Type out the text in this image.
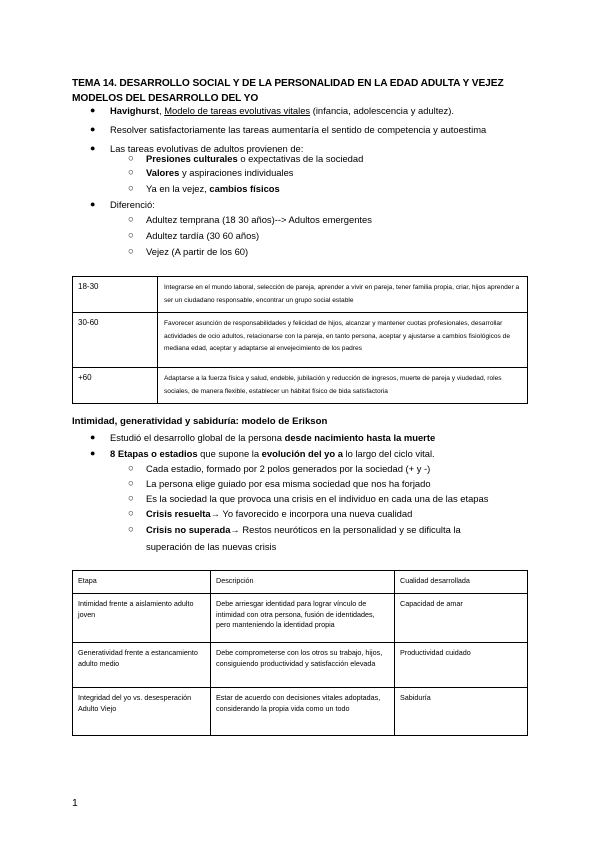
TEMA 14. DESARROLLO SOCIAL Y DE LA PERSONALIDAD EN LA EDAD ADULTA Y VEJEZ
MODELOS DEL DESARROLLO DEL YO
● Havighurst, Modelo de tareas evolutivas vitales (infancia, adolescencia y adultez).
● Resolver satisfactoriamente las tareas aumentaría el sentido de competencia y autoestima
● Las tareas evolutivas de adultos provienen de:
○ Presiones culturales o expectativas de la sociedad
○ Valores y aspiraciones individuales
○ Ya en la vejez, cambios físicos
● Diferenció:
○ Adultez temprana (18 30 años)--> Adultos emergentes
○ Adultez tardía (30 60 años)
○ Vejez (A partir de los 60)
18-30	Integrarse en el mundo laboral, selección de pareja, aprender a vivir en pareja, tener familia propia, criar, hijos aprender a ser un ciudadano responsable, encontrar un grupo social estable
30-60	Favorecer asunción de responsabilidades y felicidad de hijos, alcanzar y mantener cuotas profesionales, desarrollar actividades de ocio adultos, relacionarse con la pareja, en tanto persona, aceptar y ajustarse a cambios fisiológicos de mediana edad, aceptar y adaptarse al envejecimiento de los padres
+60	Adaptarse a la fuerza física y salud, endeble, jubilación y reducción de ingresos, muerte de pareja y viudedad, roles sociales, de manera flexible, establecer un hábitat físico de bida satisfactoria
Intimidad, generatividad y sabiduría: modelo de Erikson
● Estudió el desarrollo global de la persona desde nacimiento hasta la muerte
● 8 Etapas o estadios que supone la evolución del yo a lo largo del ciclo vital.
○ Cada estadio, formado por 2 polos generados por la sociedad (+ y -)
○ La persona elige guiado por esa misma sociedad que nos ha forjado
○ Es la sociedad la que provoca una crisis en el individuo en cada una de las etapas
○ Crisis resuelta→ Yo favorecido e incorpora una nueva cualidad
○ Crisis no superada→ Restos neuróticos en la personalidad y se dificulta la
superación de las nuevas crisis
Etapa	Descripción	Cualidad desarrollada
Intimidad frente a aislamiento adulto joven	Debe arriesgar identidad para lograr vínculo de intimidad con otra persona, fusión de identidades, pero manteniendo la identidad propia	Capacidad de amar
Generatividad frente a estancamiento adulto medio	Debe comprometerse con los otros su trabajo, hijos, consiguiendo productividad y satisfacción elevada	Productividad cuidado
Integridad del yo vs. desesperación Adulto Viejo	Estar de acuerdo con decisiones vitales adoptadas, considerando la propia vida como un todo	Sabiduría
1
